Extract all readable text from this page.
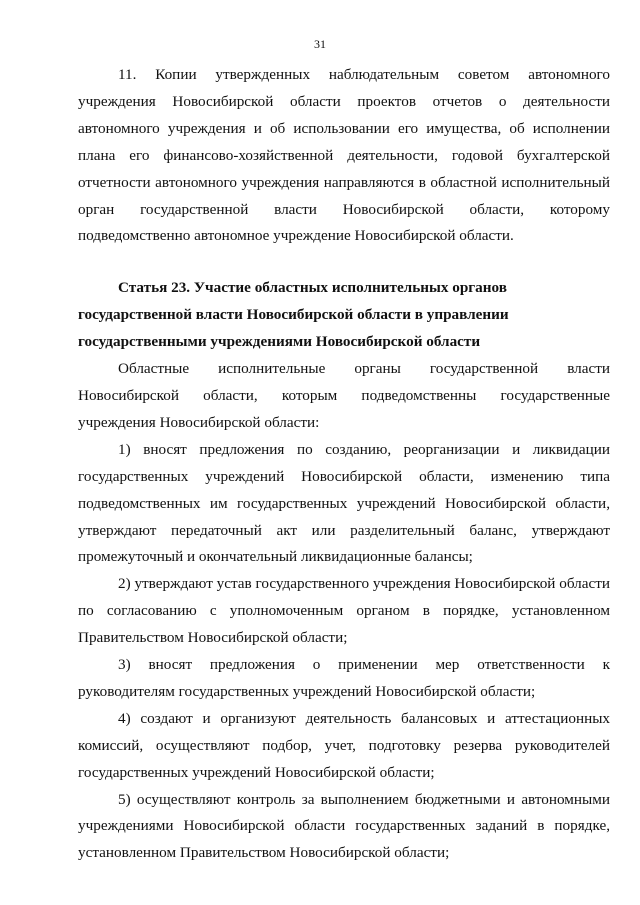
31

11. Копии утвержденных наблюдательным советом автономного учреждения Новосибирской области проектов отчетов о деятельности автономного учреждения и об использовании его имущества, об исполнении плана его финансово-хозяйственной деятельности, годовой бухгалтерской отчетности автономного учреждения направляются в областной исполнительный орган государственной власти Новосибирской области, которому подведомственно автономное учреждение Новосибирской области.

Статья 23. Участие областных исполнительных органов
государственной власти Новосибирской области в управлении
государственными учреждениями Новосибирской области

Областные исполнительные органы государственной власти Новосибирской области, которым подведомственны государственные учреждения Новосибирской области:

1) вносят предложения по созданию, реорганизации и ликвидации государственных учреждений Новосибирской области, изменению типа подведомственных им государственных учреждений Новосибирской области, утверждают передаточный акт или разделительный баланс, утверждают промежуточный и окончательный ликвидационные балансы;

2) утверждают устав государственного учреждения Новосибирской области по согласованию с уполномоченным органом в порядке, установленном Правительством Новосибирской области;

3) вносят предложения о применении мер ответственности к руководителям государственных учреждений Новосибирской области;

4) создают и организуют деятельность балансовых и аттестационных комиссий, осуществляют подбор, учет, подготовку резерва руководителей государственных учреждений Новосибирской области;

5) осуществляют контроль за выполнением бюджетными и автономными учреждениями Новосибирской области государственных заданий в порядке, установленном Правительством Новосибирской области;
